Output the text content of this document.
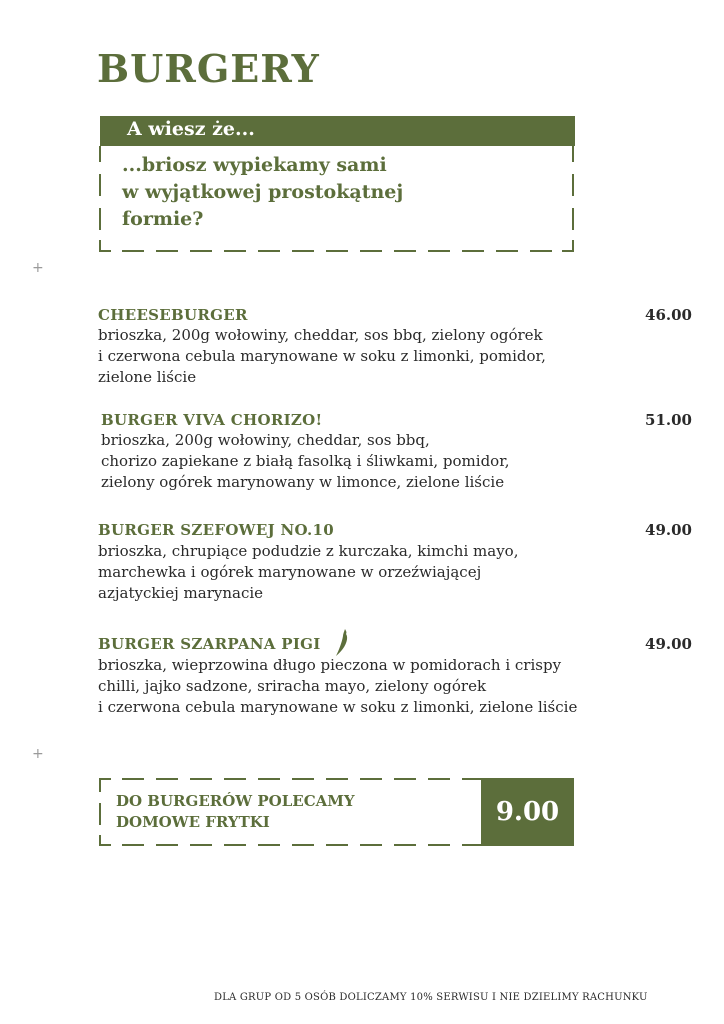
BURGERY
A wiesz że...
...briosz wypiekamy sami
w wyjątkowej prostokątnej
formie?
+
+
CHEESEBURGER	46.00
brioszka, 200g wołowiny, cheddar, sos bbq, zielony ogórek
i czerwona cebula marynowane w soku z limonki, pomidor,
zielone liście
BURGER VIVA CHORIZO!	51.00
brioszka, 200g wołowiny, cheddar, sos bbq,
chorizo zapiekane z białą fasolką i śliwkami, pomidor,
zielony ogórek marynowany w limonce, zielone liście
BURGER SZEFOWEJ NO.10	49.00
brioszka, chrupiące podudzie z kurczaka, kimchi mayo,
marchewka i ogórek marynowane w orzeźwiającej
azjatyckiej marynacie
BURGER SZARPANA PIGI	49.00
brioszka, wieprzowina długo pieczona w pomidorach i crispy
chilli, jajko sadzone, sriracha mayo, zielony ogórek
i czerwona cebula marynowane w soku z limonki, zielone liście
DO BURGERÓW POLECAMY
DOMOWE FRYTKI	9.00
DLA GRUP OD 5 OSÓB DOLICZAMY 10% SERWISU I NIE DZIELIMY RACHUNKU
